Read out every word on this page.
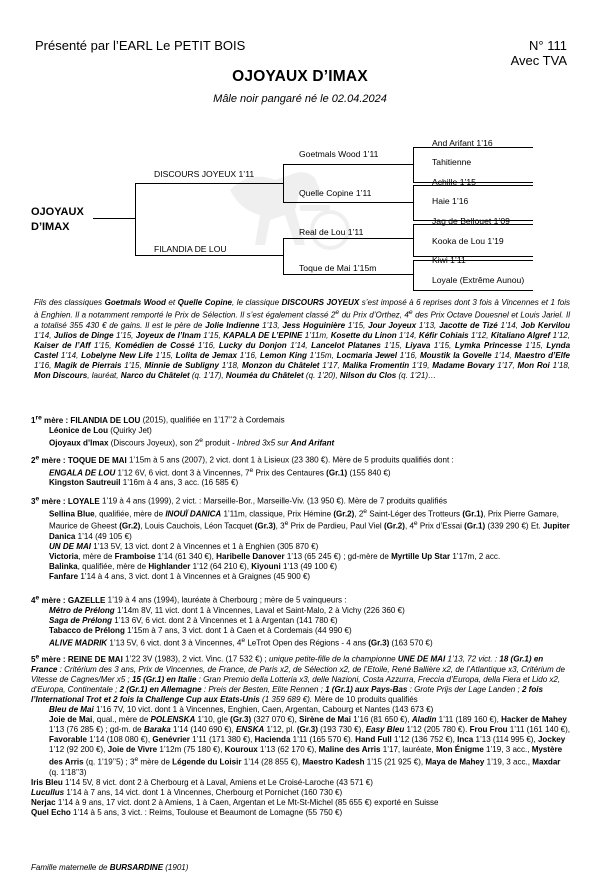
Présenté par l’EARL Le PETIT BOIS	N° 111
Avec TVA
OJOYAUX D’IMAX
Mâle noir pangaré né le 02.04.2024
OJOYAUX
D’IMAX
DISCOURS JOYEUX 1’11
FILANDIA DE LOU
Goetmals Wood 1’11
Quelle Copine 1’11
Real de Lou 1’11
Toque de Mai 1’15m
And Arifant 1’16
Tahitienne
Achille 1’15
Haie 1’16
Jag de Bellouet 1’09
Kooka de Lou 1’19
Kiwi 1’11
Loyale (Extrême Aunou)
Fils des classiques Goetmals Wood et Quelle Copine, le classique DISCOURS JOYEUX s’est imposé à 6 reprises dont 3 fois à Vincennes et 1 fois à Enghien. Il a notamment remporté le Prix de Sélection. Il s’est également classé 2e du Prix d’Orthez, 4e des Prix Octave Douesnel et Louis Jariel. Il a totalisé 355 430 € de gains. Il est le père de Jolie Indienne 1’13, Jess Hoguinière 1’15, Jour Joyeux 1’13, Jacotte de Tizé 1’14, Job Kervilou 1’14, Julios de Dinge 1’15, Joyeux de l’Inam 1’15, KAPALA DE L’EPINE 1’11m, Kosette du Linon 1’14, Kéfir Cohiais 1’12, Kitaliano Algref 1’12, Kaiser de l’Aff 1’15, Komédien de Cossé 1’16, Lucky du Donjon 1’14, Lancelot Platanes 1’15, Liyava 1’15, Lymka Princesse 1’15, Lynda Castel 1’14, Lobelyne New Life 1’15, Lolita de Jemax 1’16, Lemon King 1’15m, Locmaria Jewel 1’16, Moustik la Govelle 1’14, Maestro d’Elfe 1’16, Magik de Pierrais 1’15, Minnie de Subligny 1’18, Monzon du Châtelet 1’17, Malika Fromentin 1’19, Madame Bovary 1’17, Mon Roi 1’18, Mon Discours, lauréat, Narco du Châtelet (q. 1’17), Nouméa du Châtelet (q. 1’20), Nilson du Clos (q. 1’21)…

1re mère : FILANDIA DE LOU (2015), qualifiée en 1’17’’2 à Cordemais

Léonice de Lou (Quirky Jet)

Ojoyaux d’Imax (Discours Joyeux), son 2e produit - Inbred 3x5 sur And Arifant

2e mère : TOQUE DE MAI 1’15m à 5 ans (2007), 2 vict. dont 1 à Lisieux (23 380 €). Mère de 5 produits qualifiés dont :

ENGALA DE LOU 1’12 6V, 6 vict. dont 3 à Vincennes, 7e Prix des Centaures (Gr.1) (155 840 €)

Kingston Sautreuil 1’16m à 4 ans, 3 acc. (16 585 €)

3e mère : LOYALE 1’19 à 4 ans (1999), 2 vict. : Marseille-Bor., Marseille-Viv. (13 950 €). Mère de 7 produits qualifiés

Sellina Blue, qualifiée, mère de INOUÏ DANICA 1’11m, classique, Prix Hémine (Gr.2), 2e Saint-Léger des Trotteurs (Gr.1), Prix Pierre Gamare, Maurice de Gheest (Gr.2), Louis Cauchois, Léon Tacquet (Gr.3), 3e Prix de Pardieu, Paul Viel (Gr.2), 4e Prix d’Essai (Gr.1) (339 290 €) Et. Jupiter Danica 1’14 (49 105 €)

UN DE MAI 1’13 5V, 13 vict. dont 2 à Vincennes et 1 à Enghien (305 870 €)

Victoria, mère de Framboise 1’14 (61 340 €), Haribelle Danover 1’13 (65 245 €) ; gd-mère de Myrtille Up Star 1’17m, 2 acc.

Balinka, qualifiée, mère de Highlander 1’12 (64 210 €), Kiyouni 1’13 (49 100 €)

Fanfare 1’14 à 4 ans, 3 vict. dont 1 à Vincennes et à Graignes (45 900 €)

4e mère : GAZELLE 1’19 à 4 ans (1994), lauréate à Cherbourg ; mère de 5 vainqueurs :

Métro de Prélong 1’14m 8V, 11 vict. dont 1 à Vincennes, Laval et Saint-Malo, 2 à Vichy (226 360 €)

Saga de Prélong 1’13 6V, 6 vict. dont 2 à Vincennes et 1 à Argentan (141 780 €)

Tabacco de Prélong 1’15m à 7 ans, 3 vict. dont 1 à Caen et à Cordemais (44 990 €)

ALIVE MADRIK 1’13 5V, 6 vict. dont 3 à Vincennes, 4e LeTrot Open des Régions - 4 ans (Gr.3) (163 570 €)

5e mère : REINE DE MAI 1’22 3V (1983), 2 vict. Vinc. (17 532 €) ; unique petite-fille de la championne UNE DE MAI 1’13, 72 vict. : 18 (Gr.1) en France : Critérium des 3 ans, Prix de Vincennes, de France, de Paris x2, de Sélection x2, de l’Etoile, René Ballière x2, de l’Atlantique x3, Critérium de Vitesse de Cagnes/Mer x5 ; 15 (Gr.1) en Italie : Gran Premio della Lotteria x3, delle Nazioni, Costa Azzurra, Freccia d’Europa, della Fiera et Lido x2, d’Europa, Continentale ; 2 (Gr.1) en Allemagne : Preis der Besten, Elite Rennen ; 1 (Gr.1) aux Pays-Bas : Grote Prijs der Lage Landen ; 2 fois l’International Trot et 2 fois la Challenge Cup aux Etats-Unis (1 359 689 €). Mère de 10 produits qualifiés

Bleu de Mai 1’16 7V, 10 vict. dont 1 à Vincennes, Enghien, Caen, Argentan, Cabourg et Nantes (143 673 €)

Joie de Mai, qual., mère de POLENSKA 1’10, gle (Gr.3) (327 070 €), Sirène de Mai 1’16 (81 650 €), Aladin 1’11 (189 160 €), Hacker de Mahey 1’13 (76 285 €) ; gd-m. de Baraka 1’14 (140 690 €), ENSKA 1’12, pl. (Gr.3) (193 730 €), Easy Bleu 1’12 (205 780 €). Frou Frou 1’11 (161 140 €), Favorable 1’14 (108 080 €), Genévrier 1’11 (171 380 €), Hacienda 1’11 (165 570 €). Hand Full 1’12 (136 752 €), Inca 1’13 (114 995 €), Jockey 1’12 (92 200 €), Joie de Vivre 1’12m (75 180 €), Kouroux 1’13 (62 170 €), Maline des Arris 1’17, lauréate, Mon Énigme 1’19, 3 acc., Mystère des Arris (q. 1’19’’5) ; 3e mère de Légende du Loisir 1’14 (28 855 €), Maestro Kadesh 1’15 (21 925 €), Maya de Mahey 1’19, 3 acc., Maxdar (q. 1’18’’3)

Iris Bleu 1’14 5V, 8 vict. dont 2 à Cherbourg et à Laval, Amiens et Le Croisé-Laroche (43 571 €)

Lucullus 1’14 à 7 ans, 14 vict. dont 1 à Vincennes, Cherbourg et Pornichet (160 730 €)

Nerjac 1’14 à 9 ans, 17 vict. dont 2 à Amiens, 1 à Caen, Argentan et Le Mt-St-Michel (85 655 €) exporté en Suisse

Quel Echo 1’14 à 5 ans, 3 vict. : Reims, Toulouse et Beaumont de Lomagne (55 750 €)

Famille maternelle de BURSARDINE (1901)
